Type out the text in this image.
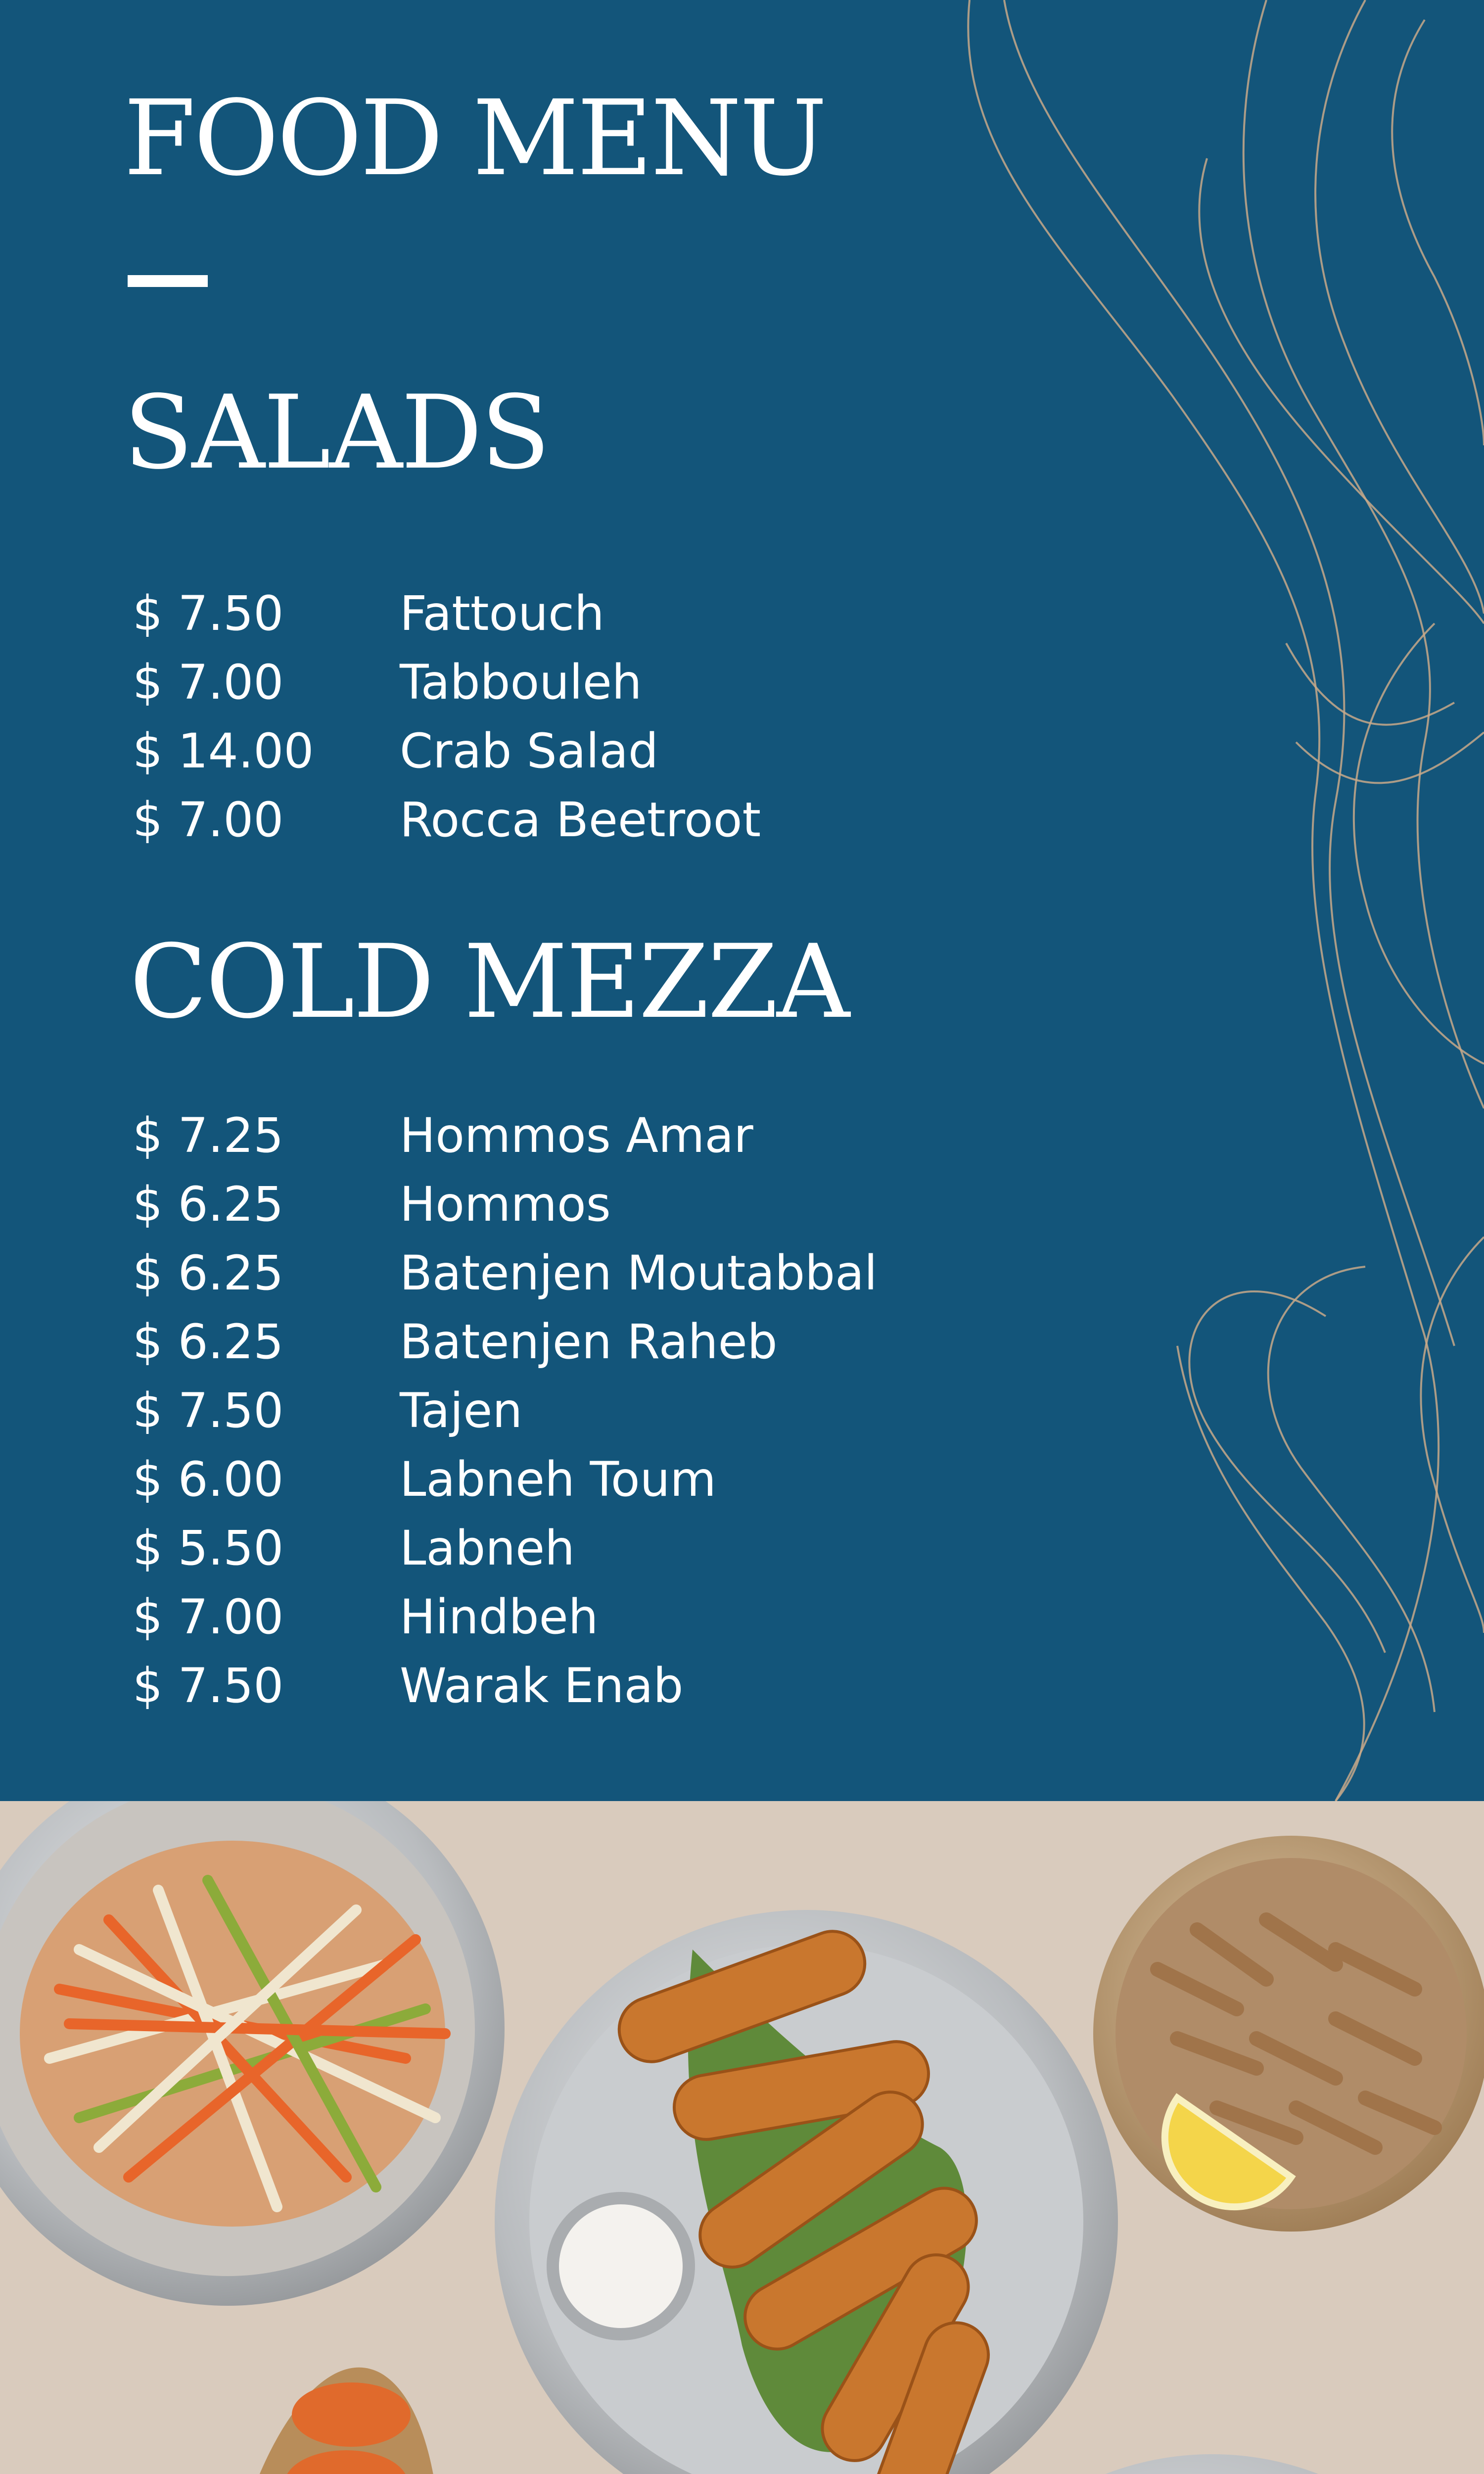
FOOD MENU
SALADS
$ 7.50	Fattouch
$ 7.00	Tabbouleh
$ 14.00	Crab Salad
$ 7.00	Rocca Beetroot
COLD MEZZA
$ 7.25	Hommos Amar
$ 6.25	Hommos
$ 6.25	Batenjen Moutabbal
$ 6.25	Batenjen Raheb
$ 7.50	Tajen
$ 6.00	Labneh Toum
$ 5.50	Labneh
$ 7.00	Hindbeh
$ 7.50	Warak Enab
